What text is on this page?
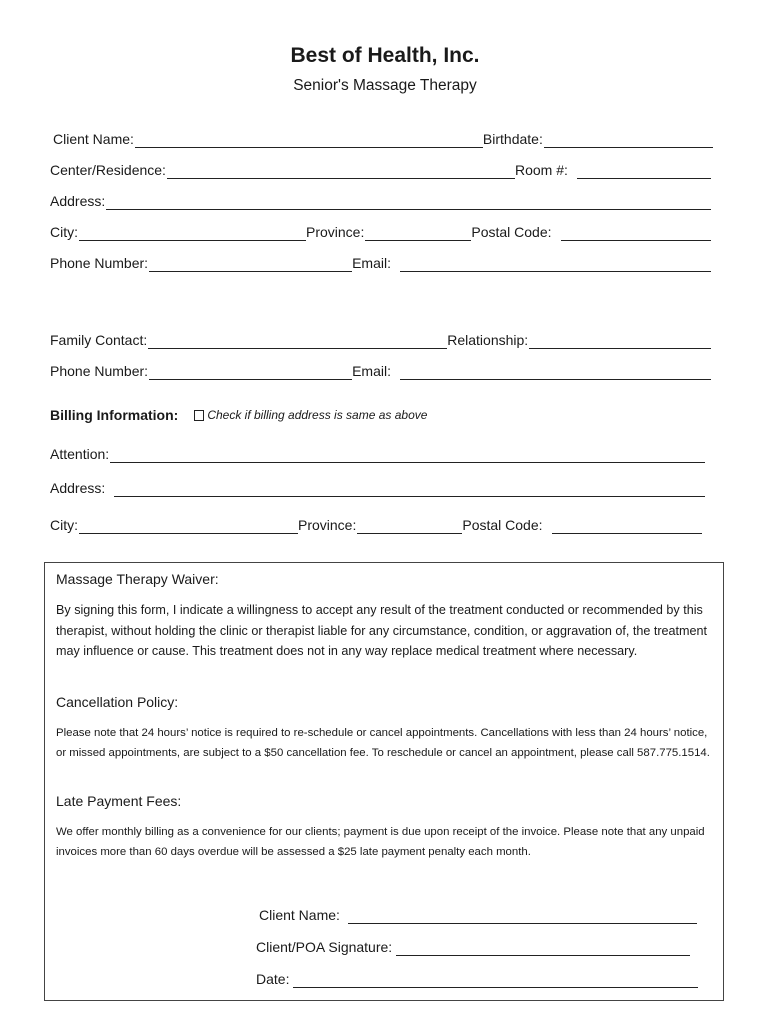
Best of Health, Inc.
Senior's Massage Therapy
Client Name:	Birthdate:
Center/Residence:	Room #:
Address:
City:	Province:	Postal Code:
Phone Number:	Email:
Family Contact:	Relationship:
Phone Number:	Email:
Billing Information: Check if billing address is same as above
Attention:
Address:
City:	Province:	Postal Code:
Massage Therapy Waiver:
By signing this form, I indicate a willingness to accept any result of the treatment conducted or recommended by this therapist, without holding the clinic or therapist liable for any circumstance, condition, or aggravation of, the treatment may influence or cause. This treatment does not in any way replace medical treatment where necessary.
Cancellation Policy:
Please note that 24 hours’ notice is required to re-schedule or cancel appointments. Cancellations with less than 24 hours’ notice, or missed appointments, are subject to a $50 cancellation fee. To reschedule or cancel an appointment, please call 587.775.1514.
Late Payment Fees:
We offer monthly billing as a convenience for our clients; payment is due upon receipt of the invoice. Please note that any unpaid invoices more than 60 days overdue will be assessed a $25 late payment penalty each month.
Client Name:
Client/POA Signature:
Date:
